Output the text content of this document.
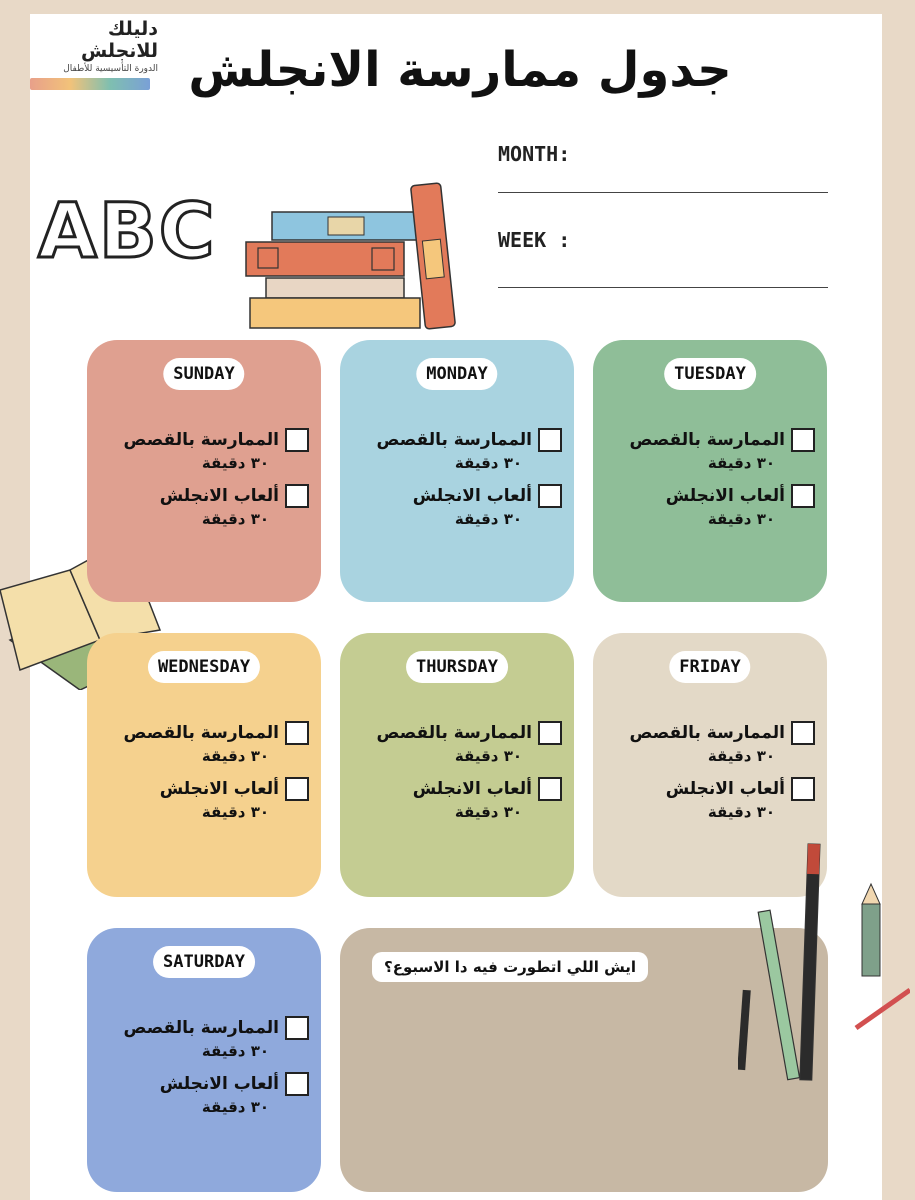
دليلك للانجلش
الدورة التأسيسية للأطفال جدول ممارسة الانجلش
MONTH:
WEEK :
ABC
SUNDAY
الممارسة بالقصص
٣٠ دقيقة
ألعاب الانجلش
٣٠ دقيقة
MONDAY
الممارسة بالقصص
٣٠ دقيقة
ألعاب الانجلش
٣٠ دقيقة
TUESDAY
الممارسة بالقصص
٣٠ دقيقة
ألعاب الانجلش
٣٠ دقيقة
WEDNESDAY
الممارسة بالقصص
٣٠ دقيقة
ألعاب الانجلش
٣٠ دقيقة
THURSDAY
الممارسة بالقصص
٣٠ دقيقة
ألعاب الانجلش
٣٠ دقيقة
FRIDAY
الممارسة بالقصص
٣٠ دقيقة
ألعاب الانجلش
٣٠ دقيقة
SATURDAY
الممارسة بالقصص
٣٠ دقيقة
ألعاب الانجلش
٣٠ دقيقة
ايش اللي اتطورت فيه دا الاسبوع؟
